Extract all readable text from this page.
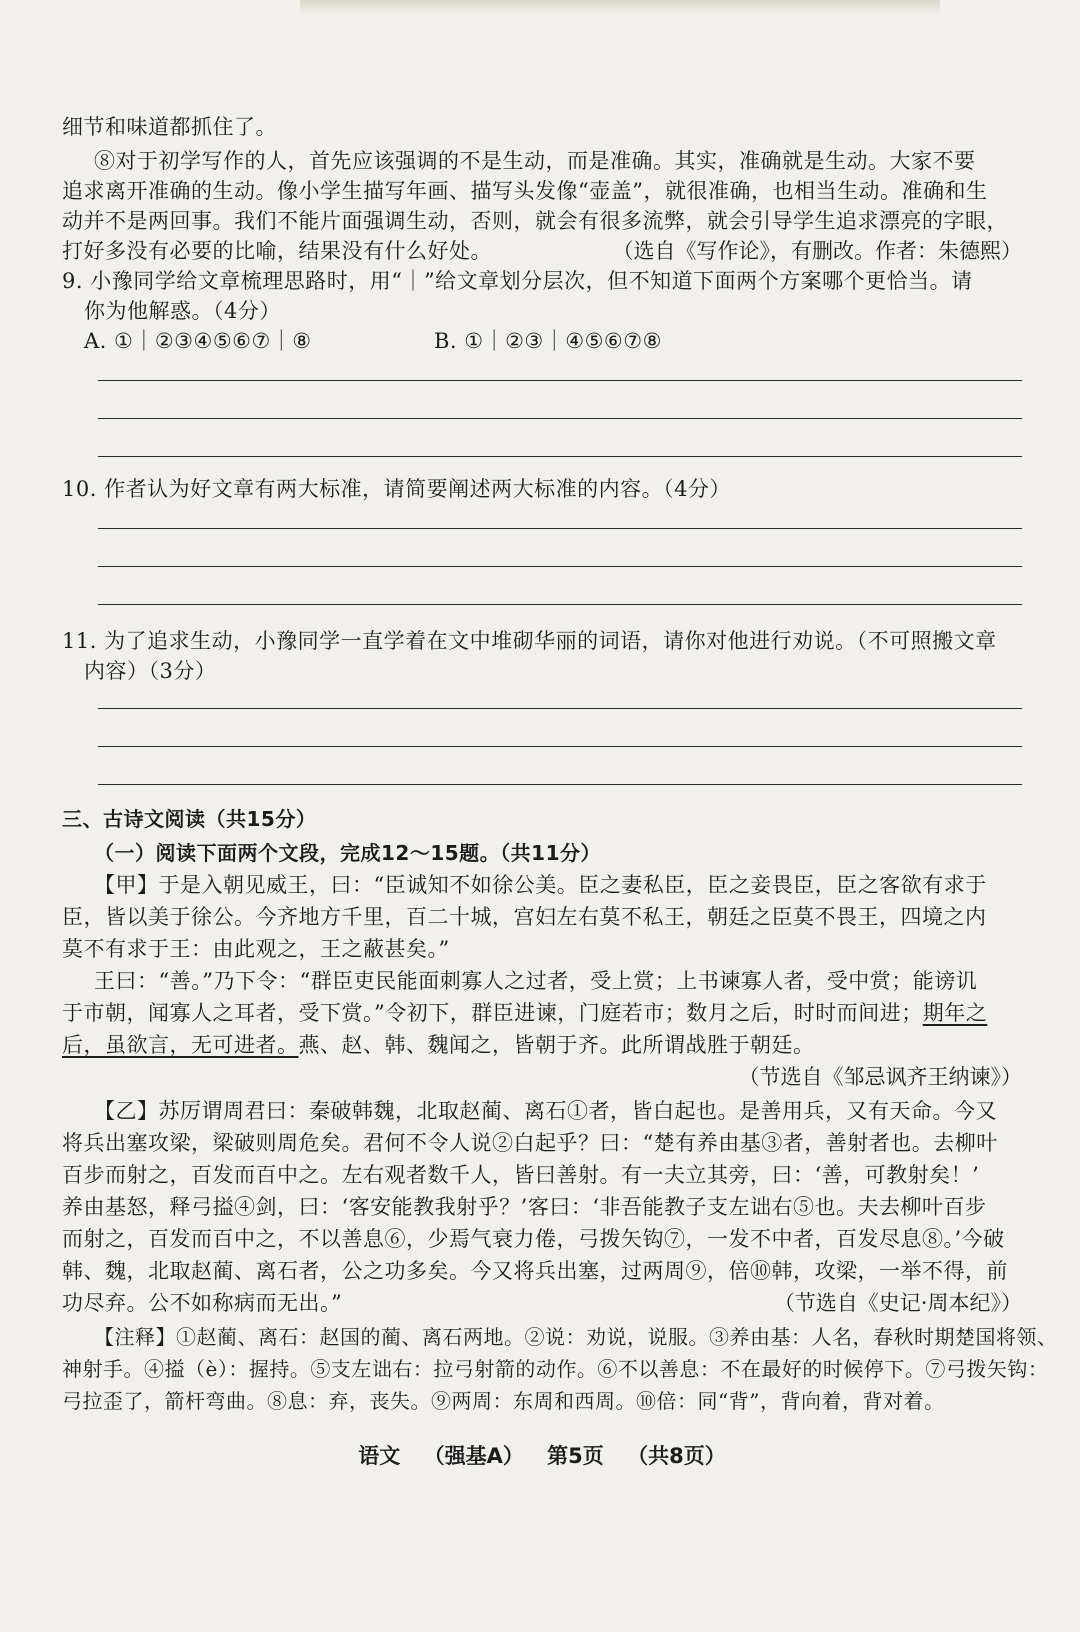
细节和味道都抓住了。
⑧对于初学写作的人，首先应该强调的不是生动，而是准确。其实，准确就是生动。大家不要
追求离开准确的生动。像小学生描写年画、描写头发像“壶盖”，就很准确，也相当生动。准确和生
动并不是两回事。我们不能片面强调生动，否则，就会有很多流弊，就会引导学生追求漂亮的字眼，
打好多没有必要的比喻，结果没有什么好处。	（选自《写作论》，有删改。作者：朱德熙）
9. 小豫同学给文章梳理思路时，用“｜”给文章划分层次，但不知道下面两个方案哪个更恰当。请
你为他解惑。（4分）
A. ①｜②③④⑤⑥⑦｜⑧	B. ①｜②③｜④⑤⑥⑦⑧
10. 作者认为好文章有两大标准，请简要阐述两大标准的内容。（4分）
11. 为了追求生动，小豫同学一直学着在文中堆砌华丽的词语，请你对他进行劝说。（不可照搬文章
内容）（3分）
三、古诗文阅读（共15分）
（一）阅读下面两个文段，完成12～15题。（共11分）
【甲】于是入朝见威王，曰：“臣诚知不如徐公美。臣之妻私臣，臣之妾畏臣，臣之客欲有求于
臣，皆以美于徐公。今齐地方千里，百二十城，宫妇左右莫不私王，朝廷之臣莫不畏王，四境之内
莫不有求于王：由此观之，王之蔽甚矣。”
王曰：“善。”乃下令：“群臣吏民能面刺寡人之过者，受上赏；上书谏寡人者，受中赏；能谤讥
于市朝，闻寡人之耳者，受下赏。”令初下，群臣进谏，门庭若市；数月之后，时时而间进；期年之
后，虽欲言，无可进者。燕、赵、韩、魏闻之，皆朝于齐。此所谓战胜于朝廷。
（节选自《邹忌讽齐王纳谏》）
【乙】苏厉谓周君曰：秦破韩魏，北取赵蔺、离石①者，皆白起也。是善用兵，又有天命。今又
将兵出塞攻梁，梁破则周危矣。君何不令人说②白起乎？曰：“楚有养由基③者，善射者也。去柳叶
百步而射之，百发而百中之。左右观者数千人，皆曰善射。有一夫立其旁，曰：‘善，可教射矣！’
养由基怒，释弓搤④剑，曰：‘客安能教我射乎？’客曰：‘非吾能教子支左诎右⑤也。夫去柳叶百步
而射之，百发而百中之，不以善息⑥，少焉气衰力倦，弓拨矢钩⑦，一发不中者，百发尽息⑧。’今破
韩、魏，北取赵蔺、离石者，公之功多矣。今又将兵出塞，过两周⑨，倍⑩韩，攻梁，一举不得，前
功尽弃。公不如称病而无出。”	（节选自《史记·周本纪》）
【注释】①赵蔺、离石：赵国的蔺、离石两地。②说：劝说，说服。③养由基：人名，春秋时期楚国将领、
神射手。④搤（è）：握持。⑤支左诎右：拉弓射箭的动作。⑥不以善息：不在最好的时候停下。⑦弓拨矢钩：
弓拉歪了，箭杆弯曲。⑧息：弃，丧失。⑨两周：东周和西周。⑩倍：同“背”，背向着，背对着。
语文 （强基A） 第5页 （共8页）
